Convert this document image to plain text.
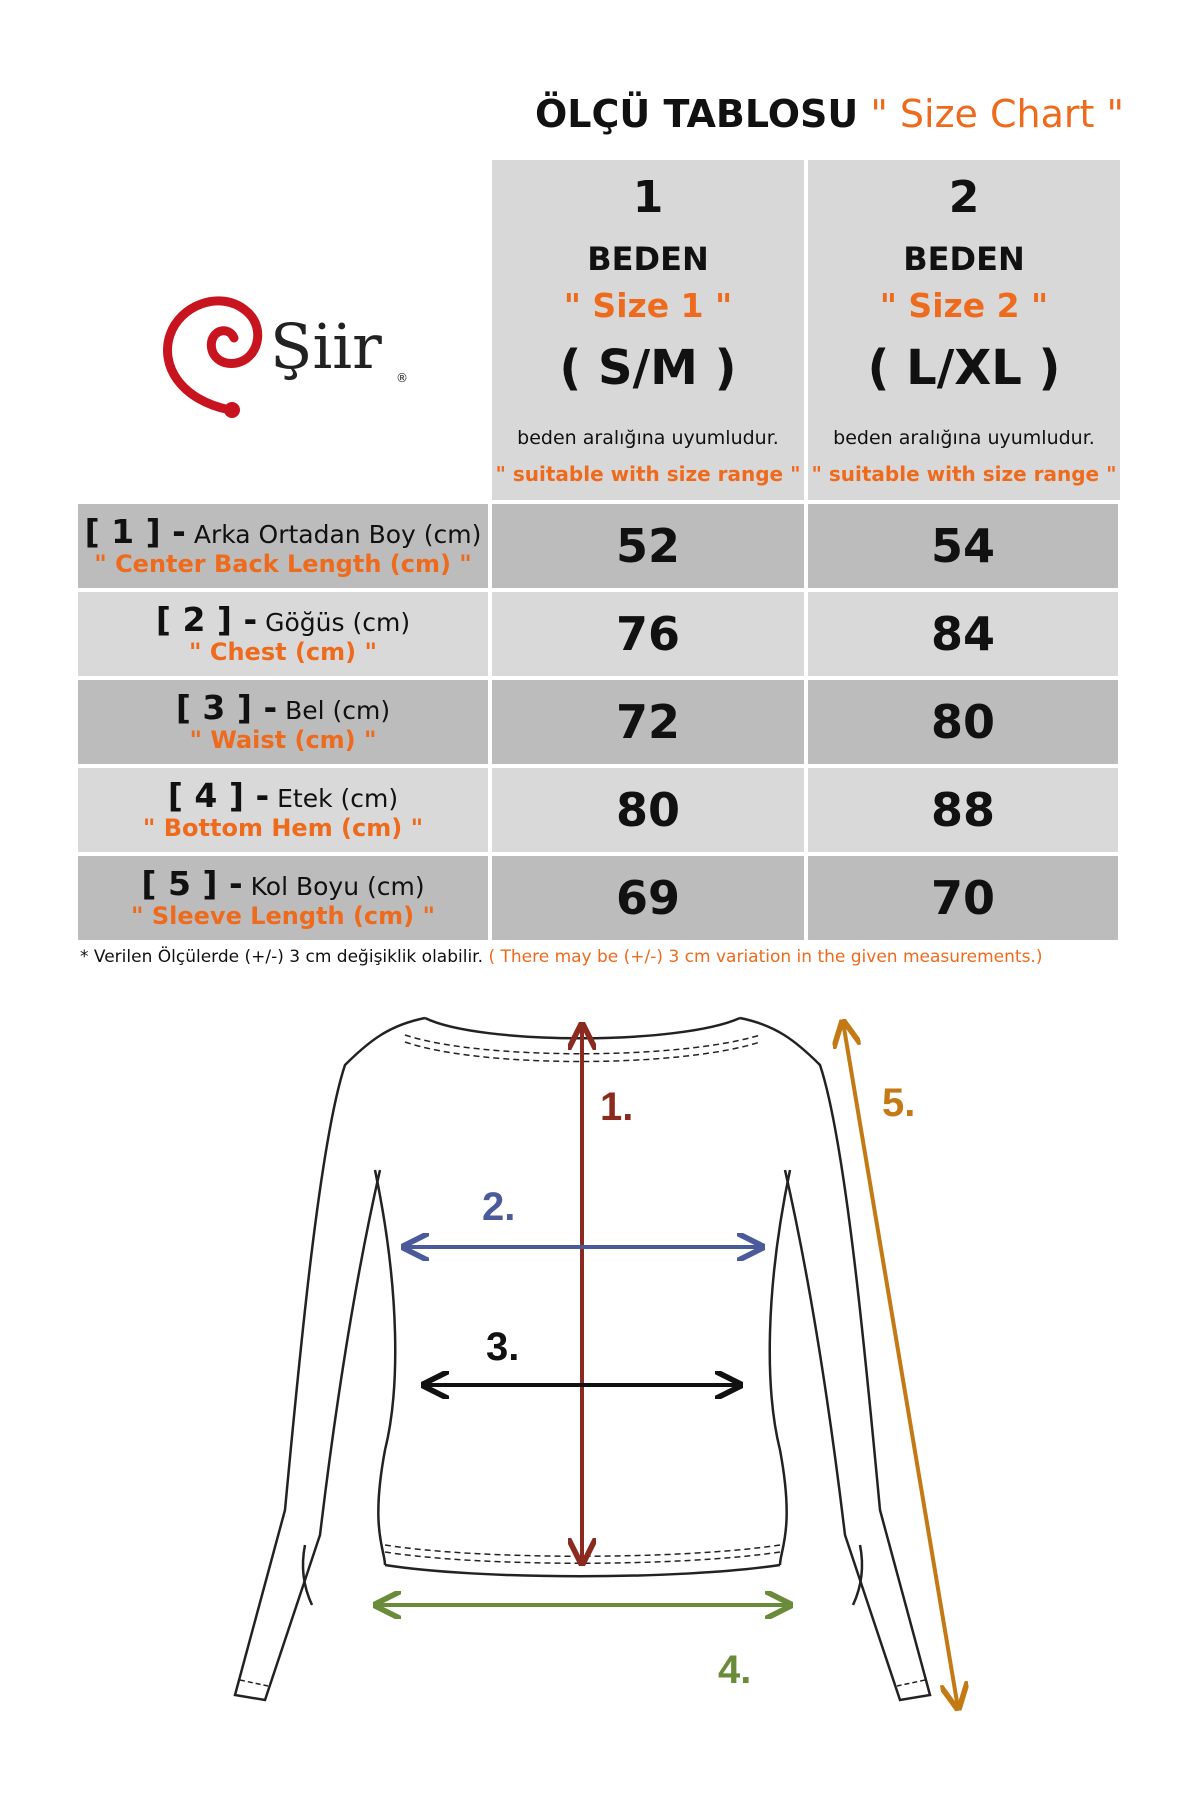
ÖLÇÜ TABLOSU " Size Chart "
Şiir ®
1
BEDEN
" Size 1 "
( S/M )
beden aralığına uyumludur.
" suitable with size range "
2
BEDEN
" Size 2 "
( L/XL )
beden aralığına uyumludur.
" suitable with size range "
[ 1 ] - Arka Ortadan Boy (cm)
" Center Back Length (cm) "	52	54
[ 2 ] - Göğüs (cm)
" Chest (cm) "	76	84
[ 3 ] - Bel (cm)
" Waist (cm) "	72	80
[ 4 ] - Etek (cm)
" Bottom Hem (cm) "	80	88
[ 5 ] - Kol Boyu (cm)
" Sleeve Length (cm) "	69	70
* Verilen Ölçülerde (+/-) 3 cm değişiklik olabilir. ( There may be (+/-) 3 cm variation in the given measurements.)
1.
2.
3.
4.
5.
